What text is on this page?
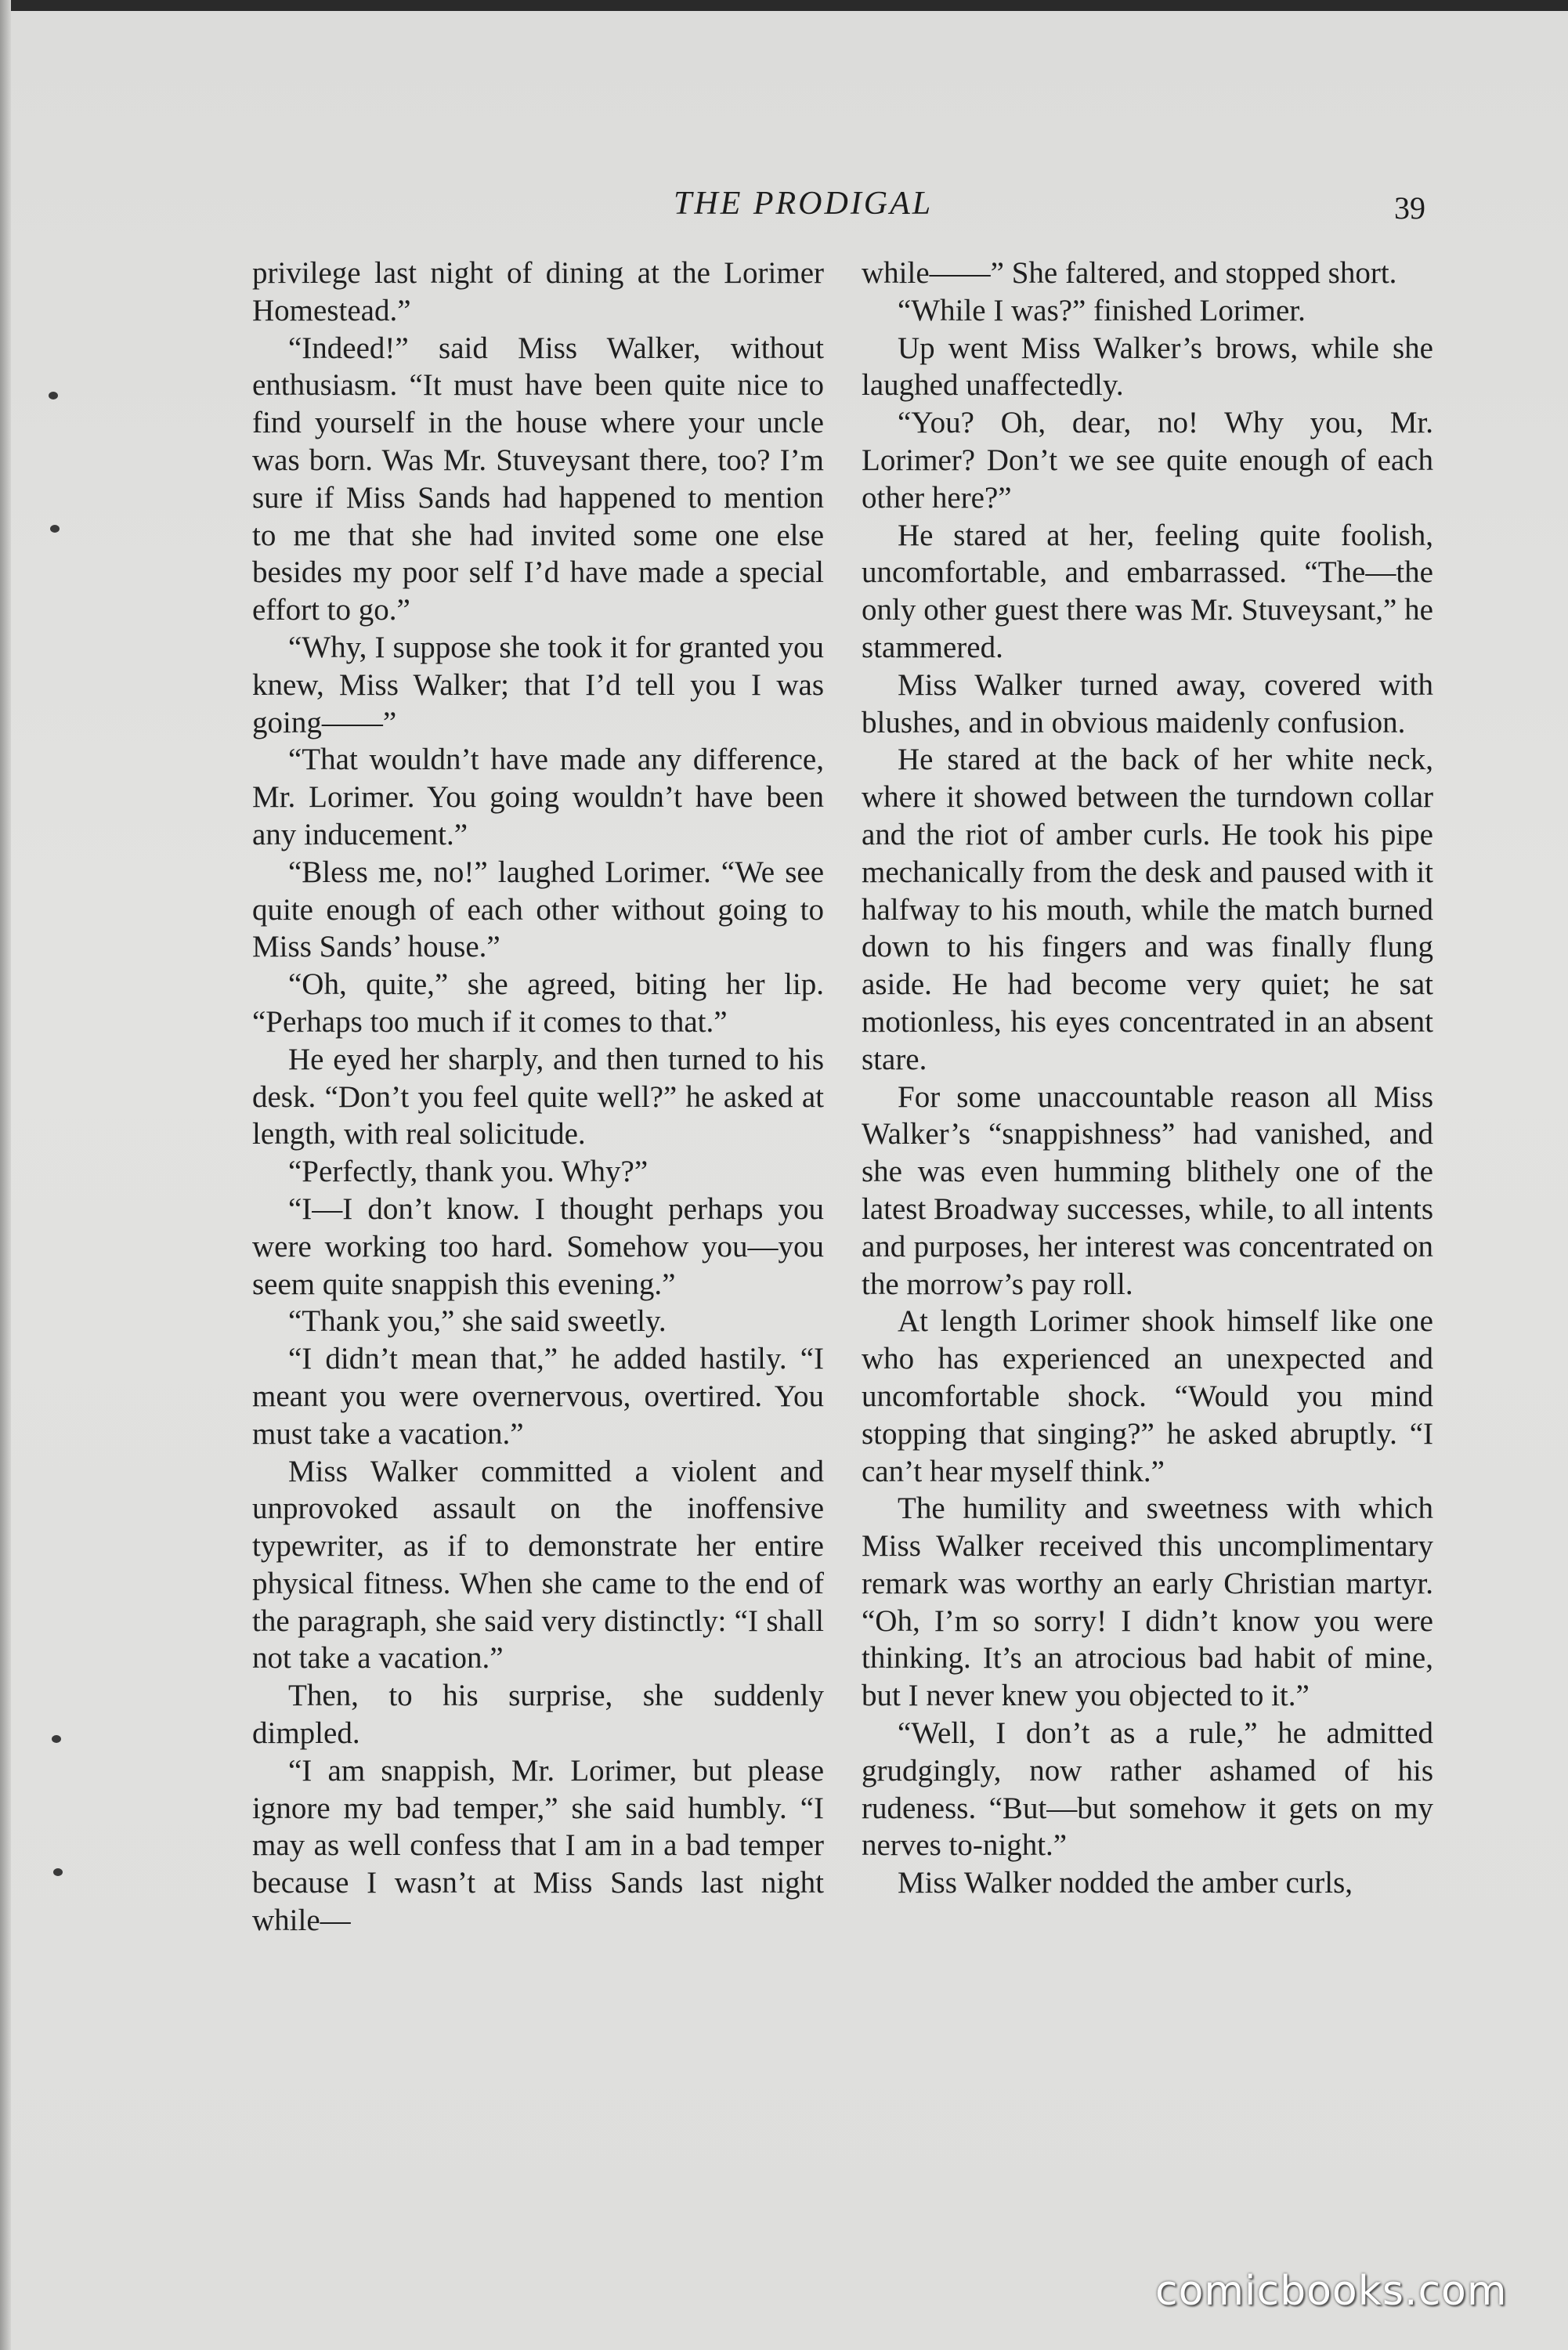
THE PRODIGAL	39

privilege last night of dining at the Lorimer Homestead.”

“Indeed!” said Miss Walker, without enthusiasm. “It must have been quite nice to find yourself in the house where your uncle was born. Was Mr. Stuveysant there, too? I’m sure if Miss Sands had happened to mention to me that she had invited some one else besides my poor self I’d have made a special effort to go.”

“Why, I suppose she took it for granted you knew, Miss Walker; that I’d tell you I was going——”

“That wouldn’t have made any difference, Mr. Lorimer. You going wouldn’t have been any inducement.”

“Bless me, no!” laughed Lorimer. “We see quite enough of each other without going to Miss Sands’ house.”

“Oh, quite,” she agreed, biting her lip. “Perhaps too much if it comes to that.”

He eyed her sharply, and then turned to his desk. “Don’t you feel quite well?” he asked at length, with real solicitude.

“Perfectly, thank you. Why?”

“I—I don’t know. I thought perhaps you were working too hard. Somehow you—you seem quite snappish this evening.”

“Thank you,” she said sweetly.

“I didn’t mean that,” he added hastily. “I meant you were overnervous, overtired. You must take a vacation.”

Miss Walker committed a violent and unprovoked assault on the inoffensive typewriter, as if to demonstrate her entire physical fitness. When she came to the end of the paragraph, she said very distinctly: “I shall not take a vacation.”

Then, to his surprise, she suddenly dimpled.

“I am snappish, Mr. Lorimer, but please ignore my bad temper,” she said humbly. “I may as well confess that I am in a bad temper because I wasn’t at Miss Sands last night while—

while——” She faltered, and stopped short.

“While I was?” finished Lorimer.

Up went Miss Walker’s brows, while she laughed unaffectedly.

“You? Oh, dear, no! Why you, Mr. Lorimer? Don’t we see quite enough of each other here?”

He stared at her, feeling quite foolish, uncomfortable, and embarrassed. “The—the only other guest there was Mr. Stuveysant,” he stammered.

Miss Walker turned away, covered with blushes, and in obvious maidenly confusion.

He stared at the back of her white neck, where it showed between the turndown collar and the riot of amber curls. He took his pipe mechanically from the desk and paused with it halfway to his mouth, while the match burned down to his fingers and was finally flung aside. He had become very quiet; he sat motionless, his eyes concentrated in an absent stare.

For some unaccountable reason all Miss Walker’s “snappishness” had vanished, and she was even humming blithely one of the latest Broadway successes, while, to all intents and purposes, her interest was concentrated on the morrow’s pay roll.

At length Lorimer shook himself like one who has experienced an unexpected and uncomfortable shock. “Would you mind stopping that singing?” he asked abruptly. “I can’t hear myself think.”

The humility and sweetness with which Miss Walker received this uncomplimentary remark was worthy an early Christian martyr. “Oh, I’m so sorry! I didn’t know you were thinking. It’s an atrocious bad habit of mine, but I never knew you objected to it.”

“Well, I don’t as a rule,” he admitted grudgingly, now rather ashamed of his rudeness. “But—but somehow it gets on my nerves to-night.”

Miss Walker nodded the amber curls,

comicbooks.com
